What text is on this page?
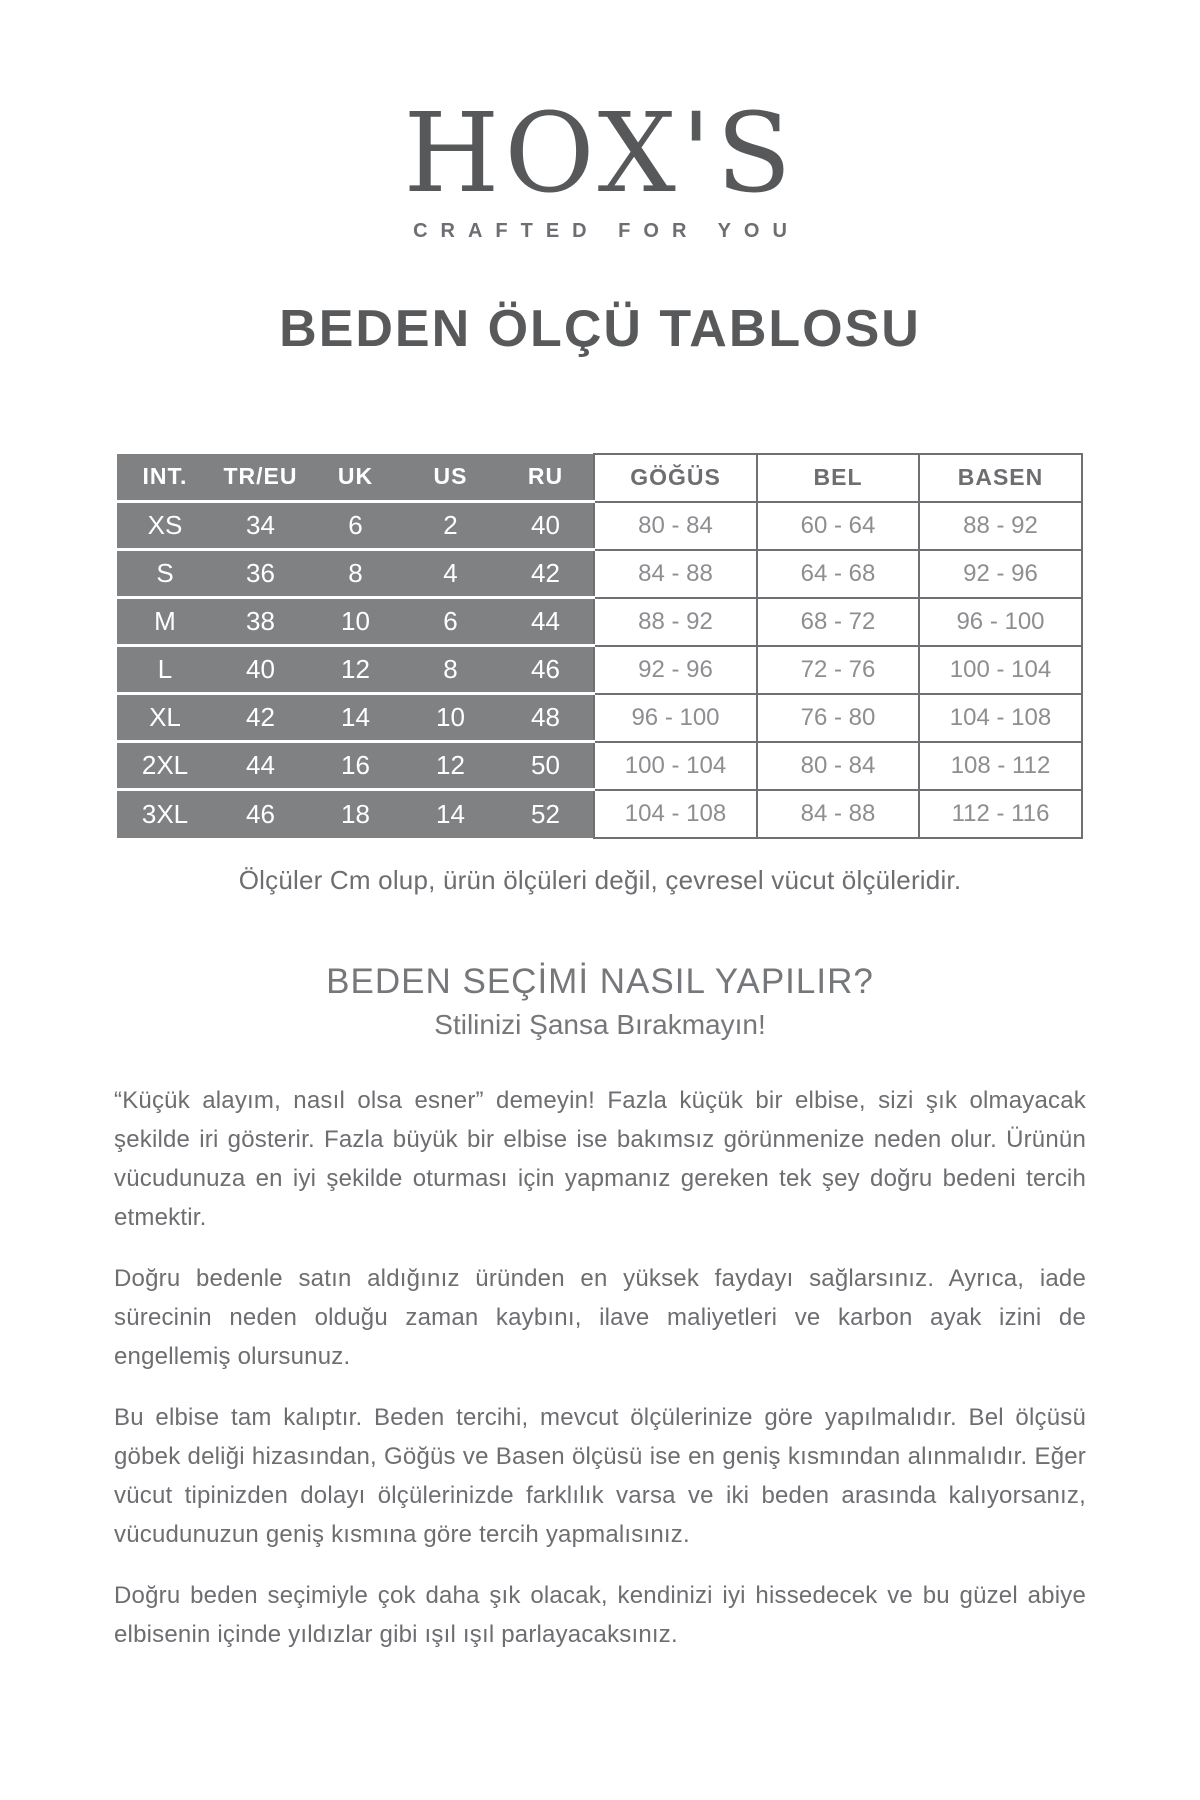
HOX'S
CRAFTED FOR YOU
BEDEN ÖLÇÜ TABLOSU
INT.	TR/EU	UK	US	RU	GÖĞÜS	BEL	BASEN
XS	34	6	2	40	80 - 84	60 - 64	88 - 92
S	36	8	4	42	84 - 88	64 - 68	92 - 96
M	38	10	6	44	88 - 92	68 - 72	96 - 100
L	40	12	8	46	92 - 96	72 - 76	100 - 104
XL	42	14	10	48	96 - 100	76 - 80	104 - 108
2XL	44	16	12	50	100 - 104	80 - 84	108 - 112
3XL	46	18	14	52	104 - 108	84 - 88	112 - 116
Ölçüler Cm olup, ürün ölçüleri değil, çevresel vücut ölçüleridir.
BEDEN SEÇİMİ NASIL YAPILIR?
Stilinizi Şansa Bırakmayın!

“Küçük alayım, nasıl olsa esner” demeyin! Fazla küçük bir elbise, sizi şık olmayacak şekilde iri gösterir. Fazla büyük bir elbise ise bakımsız görünmenize neden olur. Ürünün vücudunuza en iyi şekilde oturması için yapmanız gereken tek şey doğru bedeni tercih etmektir.

Doğru bedenle satın aldığınız üründen en yüksek faydayı sağlarsınız. Ayrıca, iade sürecinin neden olduğu zaman kaybını, ilave maliyetleri ve karbon ayak izini de engellemiş olursunuz.

Bu elbise tam kalıptır. Beden tercihi, mevcut ölçülerinize göre yapılmalıdır. Bel ölçüsü göbek deliği hizasından, Göğüs ve Basen ölçüsü ise en geniş kısmından alınmalıdır. Eğer vücut tipinizden dolayı ölçülerinizde farklılık varsa ve iki beden arasında kalıyorsanız, vücudunuzun geniş kısmına göre tercih yapmalısınız.

Doğru beden seçimiyle çok daha şık olacak, kendinizi iyi hissedecek ve bu güzel abiye elbisenin içinde yıldızlar gibi ışıl ışıl parlayacaksınız.
